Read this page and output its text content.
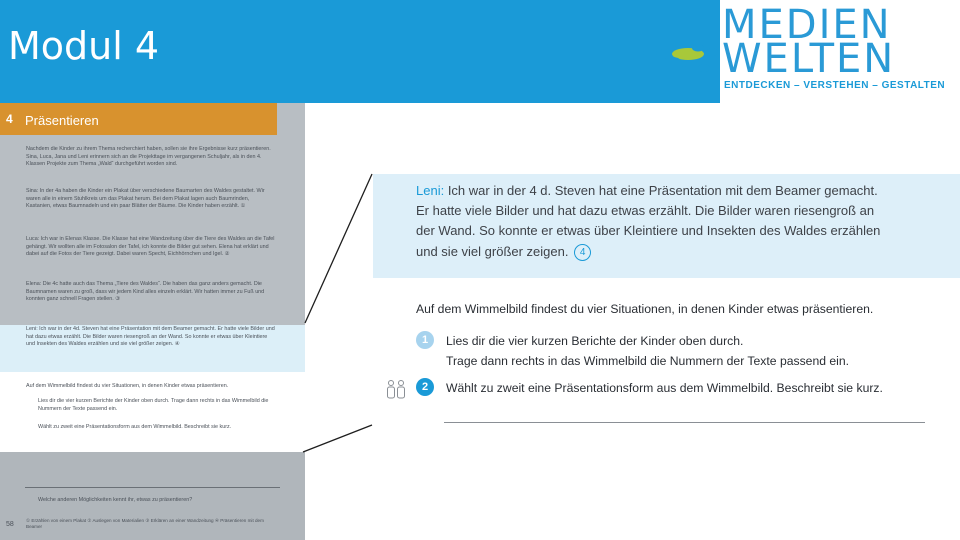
Modul 4	MEDIEN
WELTEN
ENTDECKEN – VERSTEHEN – GESTALTEN
4 Präsentieren
Nachdem die Kinder zu ihrem Thema recherchiert haben, sollen sie ihre Ergebnisse kurz präsentieren. Sina, Luca, Jana und Leni erinnern sich an die Projekttage im vergangenen Schuljahr, als in den 4. Klassen Projekte zum Thema „Wald“ durchgeführt worden sind.
Sina: In der 4a haben die Kinder ein Plakat über verschiedene Baumarten des Waldes gestaltet. Wir waren alle in einem Stuhlkreis um das Plakat herum. Bei dem Plakat lagen auch Baumrinden, Kastanien, etwas Baumnadeln und ein paar Blätter der Bäume. Die Kinder haben erzählt. ①
Luca: Ich war in Elenas Klasse. Die Klasse hat eine Wandzeitung über die Tiere des Waldes an die Tafel gehängt. Wir wollten alle im Fotosalon der Tafel, ich konnte die Bilder gut sehen. Elena hat erklärt und dabei auf die Fotos der Tiere gezeigt. Dabei waren Specht, Eichhörnchen und Igel. ②
Elena: Die 4c hatte auch das Thema „Tiere des Waldes“. Die haben das ganz anders gemacht. Die Baumnamen waren zu groß, dass wir jedem Kind alles einzeln erklärt. Wir hatten immer zu Fuß und konnten ganz schnell Fragen stellen. ③
Leni: Ich war in der 4d. Steven hat eine Präsentation mit dem Beamer gemacht. Er hatte viele Bilder und hat dazu etwas erzählt. Die Bilder waren riesengroß an der Wand. So konnte er etwas über Kleintiere und Insekten des Waldes erzählen und sie viel größer zeigen. ④
Auf dem Wimmelbild findest du vier Situationen, in denen Kinder etwas präsentieren.
Lies dir die vier kurzen Berichte der Kinder oben durch. Trage dann rechts in das Wimmelbild die Nummern der Texte passend ein.
Wählt zu zweit eine Präsentationsform aus dem Wimmelbild. Beschreibt sie kurz.
Welche anderen Möglichkeiten kennt ihr, etwas zu präsentieren?
① Erzählen von einem Plakat ② Auslegen von Materialien ③ Erklären an einer Wandzeitung ④ Präsentieren mit dem Beamer
58
Leni: Ich war in der 4 d. Steven hat eine Präsentation mit dem Beamer gemacht. Er hatte viele Bilder und hat dazu etwas erzählt. Die Bilder waren riesengroß an der Wand. So konnte er etwas über Kleintiere und Insekten des Waldes erzählen und sie viel größer zeigen. 4
Auf dem Wimmelbild findest du vier Situationen, in denen Kinder etwas präsentieren.
1	Lies dir die vier kurzen Berichte der Kinder oben durch.
Trage dann rechts in das Wimmelbild die Nummern der Texte passend ein.
2	Wählt zu zweit eine Präsentationsform aus dem Wimmelbild. Beschreibt sie kurz.
